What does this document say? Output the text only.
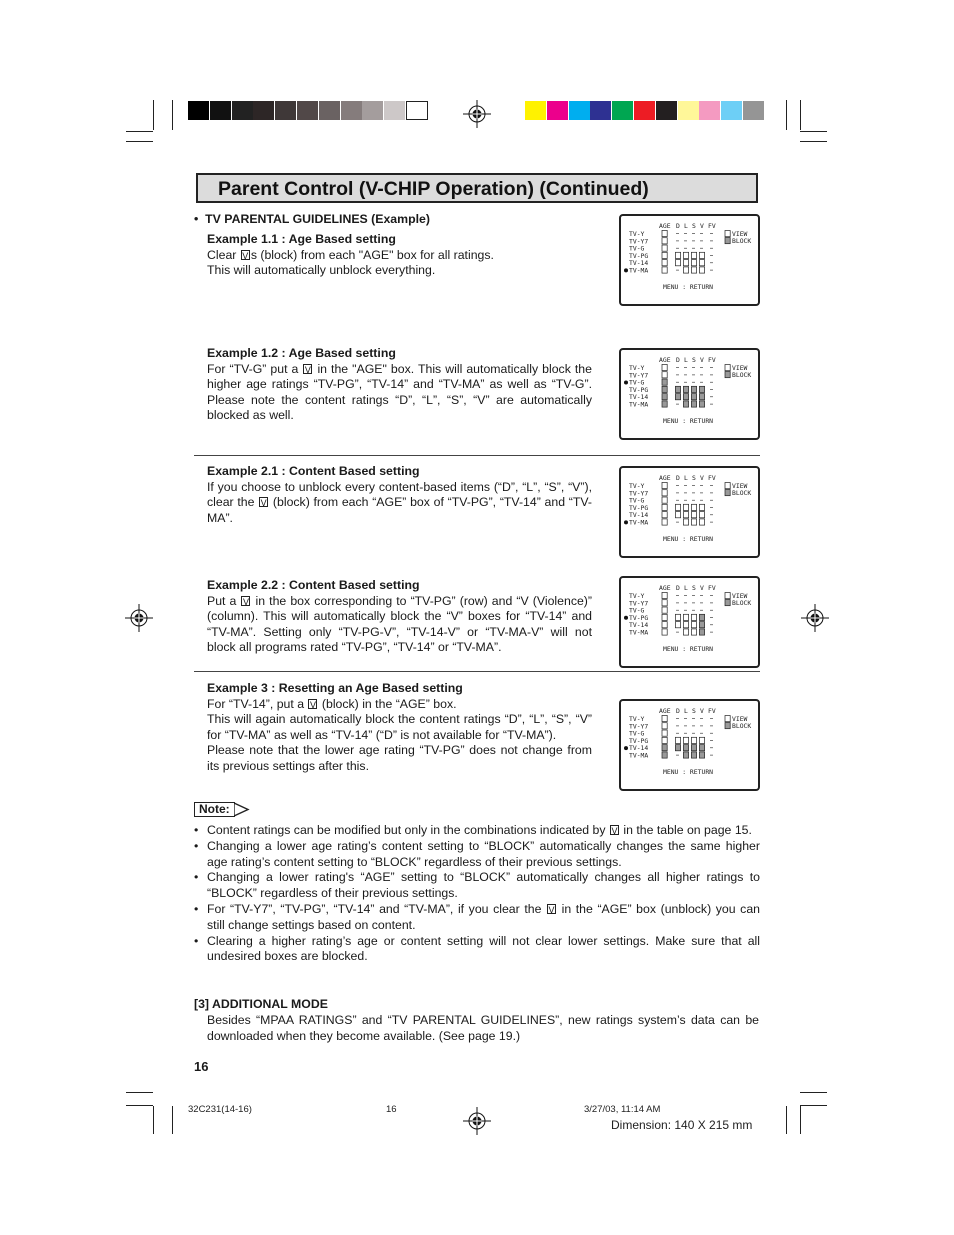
Parent Control (V-CHIP Operation) (Continued)
• TV PARENTAL GUIDELINES (Example)
Example 1.1 : Age Based setting
Clear V s (block) from each "AGE" box for all ratings.
This will automatically unblock everything.
Example 1.2 : Age Based setting
For “TV-G” put a V in the "AGE" box. This will automatically block the higher age ratings “TV-PG”, “TV-14” and “TV-MA” as well as “TV-G”. Please note the content ratings “D”, “L”, “S”, “V” are automatically blocked as well.
Example 2.1 : Content Based setting
If you choose to unblock every content-based items (“D”, “L”, “S”, “V”), clear the V (block) from each “AGE” box of “TV-PG”, “TV-14” and “TV-MA”.
Example 2.2 : Content Based setting
Put a V in the box corresponding to “TV-PG” (row) and “V (Violence)” (column). This will automatically block the “V” boxes for “TV-14” and “TV-MA”. Setting only “TV-PG-V”, “TV-14-V” or “TV-MA-V” will not block all programs rated “TV-PG”, “TV-14” or “TV-MA”.
Example 3 : Resetting an Age Based setting
For “TV-14”, put a V (block) in the “AGE” box.
This will again automatically block the content ratings “D”, “L”, “S”, “V” for “TV-MA” as well as “TV-14” (“D” is not available for “TV-MA”).
Please note that the lower age rating “TV-PG” does not change from its previous settings after this.
AGE D L S V FV
TV-Y
TV-Y7
TV-G
TV-PG
TV-14
TV-MA
VIEW
BLOCK
MENU : RETURN
AGE D L S V FV
TV-Y
TV-Y7
TV-G
TV-PG
TV-14
TV-MA
VIEW
BLOCK
MENU : RETURN
AGE D L S V FV
TV-Y
TV-Y7
TV-G
TV-PG
TV-14
TV-MA
VIEW
BLOCK
MENU : RETURN
AGE D L S V FV
TV-Y
TV-Y7
TV-G
TV-PG
TV-14
TV-MA
VIEW
BLOCK
MENU : RETURN
AGE D L S V FV
TV-Y
TV-Y7
TV-G
TV-PG
TV-14
TV-MA
VIEW
BLOCK
MENU : RETURN
Note:
• Content ratings can be modified but only in the combinations indicated by V in the table on page 15.
• Changing a lower age rating’s content setting to “BLOCK” automatically changes the same higher age rating’s content setting to “BLOCK” regardless of their previous settings.
• Changing a lower rating's “AGE” setting to “BLOCK” automatically changes all higher ratings to “BLOCK” regardless of their previous settings.
• For “TV-Y7”, “TV-PG”, “TV-14” and “TV-MA”, if you clear the V in the “AGE” box (unblock) you can still change settings based on content.
• Clearing a higher rating’s age or content setting will not clear lower settings. Make sure that all undesired boxes are blocked.
[3] ADDITIONAL MODE
Besides “MPAA RATINGS” and “TV PARENTAL GUIDELINES”, new ratings system’s data can be downloaded when they become available. (See page 19.)
16
32C231(14-16)	16	3/27/03, 11:14 AM
Dimension: 140 X 215 mm
